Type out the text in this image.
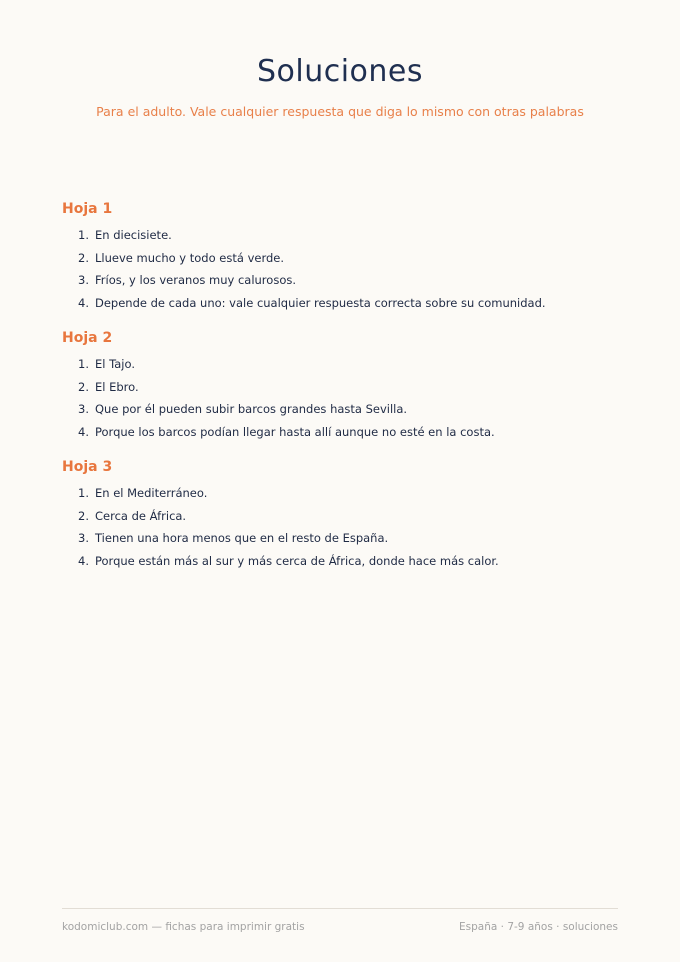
Soluciones

Para el adulto. Vale cualquier respuesta que diga lo mismo con otras palabras

Hoja 1
1. En diecisiete.
2. Llueve mucho y todo está verde.
3. Fríos, y los veranos muy calurosos.
4. Depende de cada uno: vale cualquier respuesta correcta sobre su comunidad.
Hoja 2
1. El Tajo.
2. El Ebro.
3. Que por él pueden subir barcos grandes hasta Sevilla.
4. Porque los barcos podían llegar hasta allí aunque no esté en la costa.
Hoja 3
1. En el Mediterráneo.
2. Cerca de África.
3. Tienen una hora menos que en el resto de España.
4. Porque están más al sur y más cerca de África, donde hace más calor.
kodomiclub.com — fichas para imprimir gratis	España · 7-9 años · soluciones
